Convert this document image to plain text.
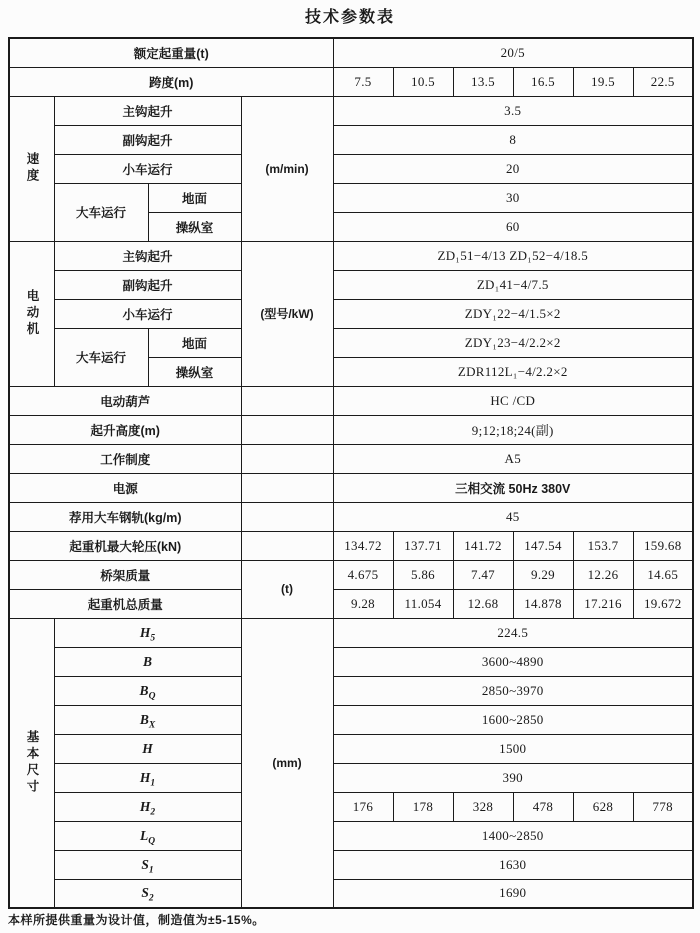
技术参数表
额定起重量(t)				20/5					
跨度(m)				7.5	10.5	13.5	16.5	19.5	22.5

速度	主钩起升		(m/min)	3.5					
	副钩起升			8					
	小车运行			20					
	大车运行	地面		30					
		操纵室		60					

电动机	主钩起升		(型号/kW)	ZD₁51−4/13 ZD₁52−4/18.5					
	副钩起升			ZD₁41−4/7.5					
	小车运行			ZDY₁22−4/1.5×2					
	大车运行	地面		ZDY₁23−4/2.2×2					
		操纵室		ZDR112L₁−4/2.2×2					
电动葫芦				HC /CD					
起升高度(m)				9;12;18;24(副)					
工作制度				A5					
电源				三相交流 50Hz 380V					
荐用大车钢轨(kg/m)				45					
起重机最大轮压(kN)				134.72	137.71	141.72	147.54	153.7	159.68
桥架质量			(t)	4.675	5.86	7.47	9.29	12.26	14.65
起重机总质量				9.28	11.054	12.68	14.878	17.216	19.672

基本尺寸	$H_5$		(mm)	224.5					
	B			3600~4890					
	$B_Q$			2850~3970					
	$B_X$			1600~2850					
	H			1500					
	$H_1$			390					
	$H_2$			176	178	328	478	628	778
	$L_Q$			1400~2850					
	$S_1$			1630					
	$S_2$			1690					
本样所提供重量为设计值，制造值为±5-15%。
